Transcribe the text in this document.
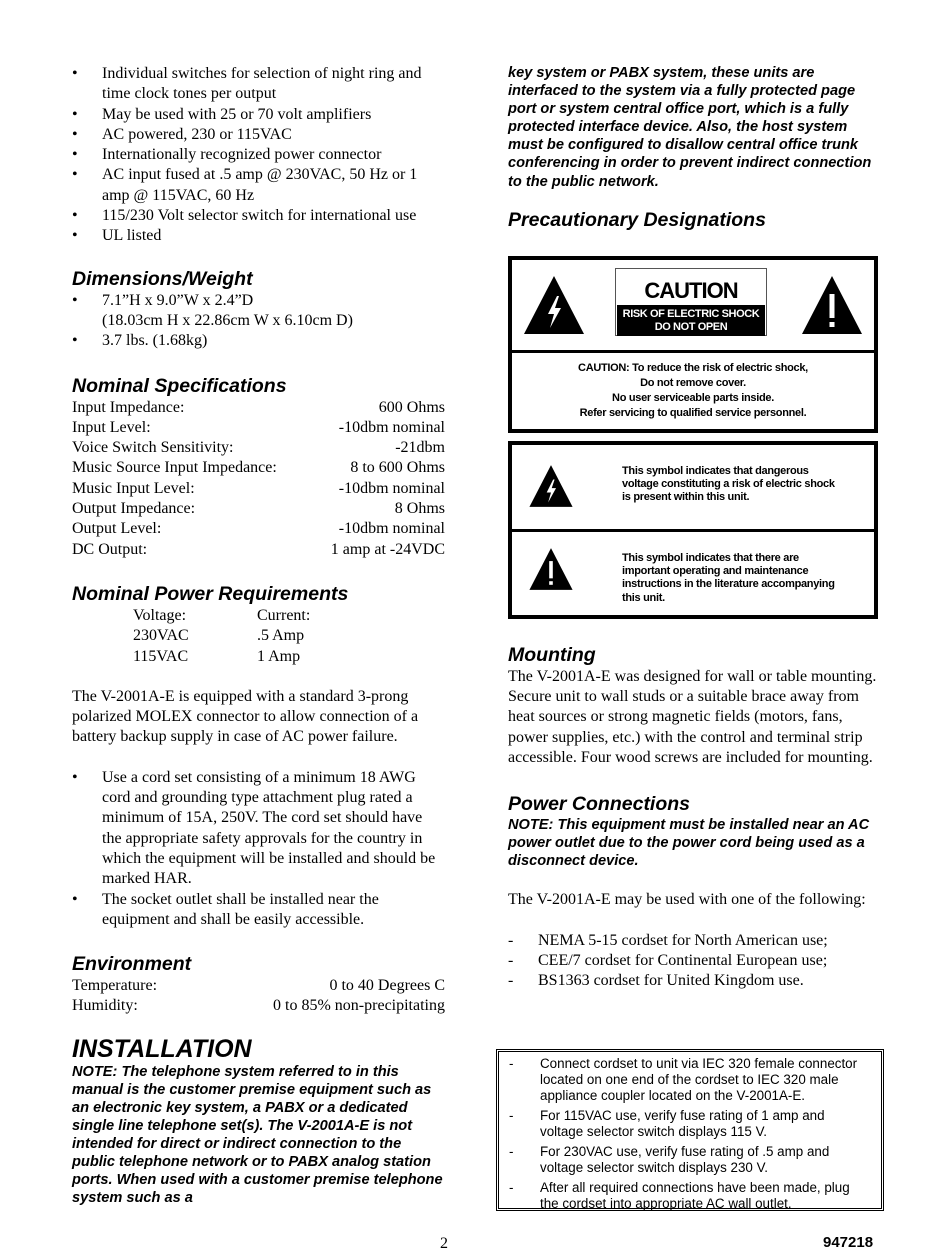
• Individual switches for selection of night ring and time clock tones per output
• May be used with 25 or 70 volt amplifiers
• AC powered, 230 or 115VAC
• Internationally recognized power connector
• AC input fused at .5 amp @ 230VAC, 50 Hz or 1 amp @ 115VAC, 60 Hz
• 115/230 Volt selector switch for international use
• UL listed
Dimensions/Weight
• 7.1”H x 9.0”W x 2.4”D
(18.03cm H x 22.86cm W x 6.10cm D)
• 3.7 lbs. (1.68kg)
Nominal Specifications
Input Impedance:	600 Ohms
Input Level:	-10dbm nominal
Voice Switch Sensitivity:	-21dbm
Music Source Input Impedance:	8 to 600 Ohms
Music Input Level:	-10dbm nominal
Output Impedance:	8 Ohms
Output Level:	-10dbm nominal
DC Output:	1 amp at -24VDC
Nominal Power Requirements
Voltage:	Current:
230VAC	.5 Amp
115VAC	1 Amp

The V-2001A-E is equipped with a standard 3-prong polarized MOLEX connector to allow connection of a battery backup supply in case of AC power failure.

• Use a cord set consisting of a minimum 18 AWG cord and grounding type attachment plug rated a minimum of 15A, 250V. The cord set should have the appropriate safety approvals for the country in which the equipment will be installed and should be marked HAR.
• The socket outlet shall be installed near the equipment and shall be easily accessible.
Environment
Temperature:	0 to 40 Degrees C
Humidity:	0 to 85% non-precipitating
INSTALLATION
NOTE: The telephone system referred to in this manual is the customer premise equipment such as an electronic key system, a PABX or a dedicated single line telephone set(s). The V-2001A-E is not intended for direct or indirect connection to the public telephone network or to PABX analog station ports. When used with a customer premise telephone system such as a
key system or PABX system, these units are interfaced to the system via a fully protected page port or system central office port, which is a fully protected interface device. Also, the host system must be configured to disallow central office trunk conferencing in order to prevent indirect connection to the public network.
Precautionary Designations
CAUTION
RISK OF ELECTRIC SHOCK
DO NOT OPEN
CAUTION: To reduce the risk of electric shock,
Do not remove cover.
No user serviceable parts inside.
Refer servicing to qualified service personnel.
This symbol indicates that dangerous voltage constituting a risk of electric shock is present within this unit.
This symbol indicates that there are important operating and maintenance instructions in the literature accompanying this unit.
Mounting

The V-2001A-E was designed for wall or table mounting. Secure unit to wall studs or a suitable brace away from heat sources or strong magnetic fields (motors, fans, power supplies, etc.) with the control and terminal strip accessible. Four wood screws are included for mounting.

Power Connections
NOTE: This equipment must be installed near an AC power outlet due to the power cord being used as a disconnect device.

The V-2001A-E may be used with one of the following:

- NEMA 5-15 cordset for North American use;
- CEE/7 cordset for Continental European use;
- BS1363 cordset for United Kingdom use.
- Connect cordset to unit via IEC 320 female connector located on one end of the cordset to IEC 320 male appliance coupler located on the V-2001A-E.
- For 115VAC use, verify fuse rating of 1 amp and voltage selector switch displays 115 V.
- For 230VAC use, verify fuse rating of .5 amp and voltage selector switch displays 230 V.
- After all required connections have been made, plug the cordset into appropriate AC wall outlet.
2	947218
